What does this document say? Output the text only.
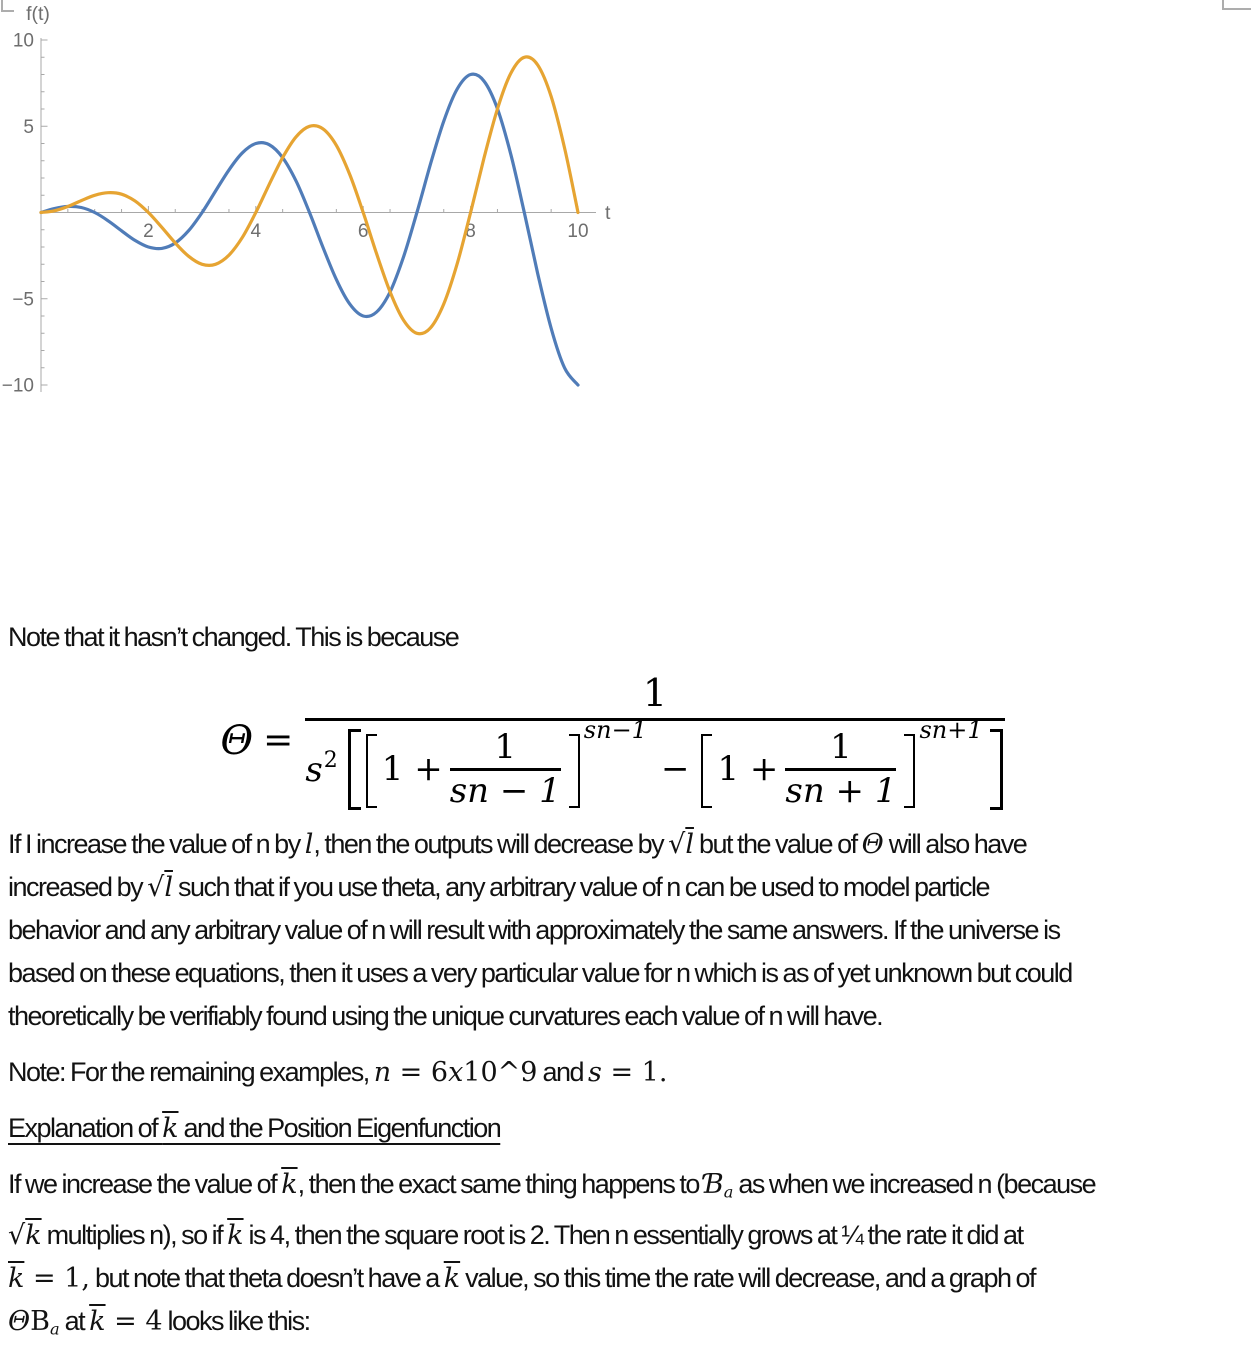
2	4	6	8	10
10
5
−5
−10
f(t)
t
Note that it hasn’t changed. This is because
Θ =
1
$s^2$ $1 + \frac{1}{sn - 1} sn-1$
− $1 + \frac{1}{sn + 1} sn+1$
If I increase the value of n by l, then the outputs will decrease by √l but the value of Θ will also have
increased by √l such that if you use theta, any arbitrary value of n can be used to model particle
behavior and any arbitrary value of n will result with approximately the same answers. If the universe is
based on these equations, then it uses a very particular value for n which is as of yet unknown but could
theoretically be verifiably found using the unique curvatures each value of n will have.
Note: For the remaining examples, n = 6x10^9 and s = 1.
Explanation of k and the Position Eigenfunction
If we increase the value of $\overline{k}$, then the exact same thing happens to Ɓa as when we increased n (because
√k multiplies n), so if $\overline{k}$ is 4, then the square root is 2. Then n essentially grows at ¼ the rate it did at
$\overline{k} = 1$, but note that theta doesn’t have a $\overline{k}$ value, so this time the rate will decrease, and a graph of
ΘBa at $\overline{k} = 4$ looks like this:
